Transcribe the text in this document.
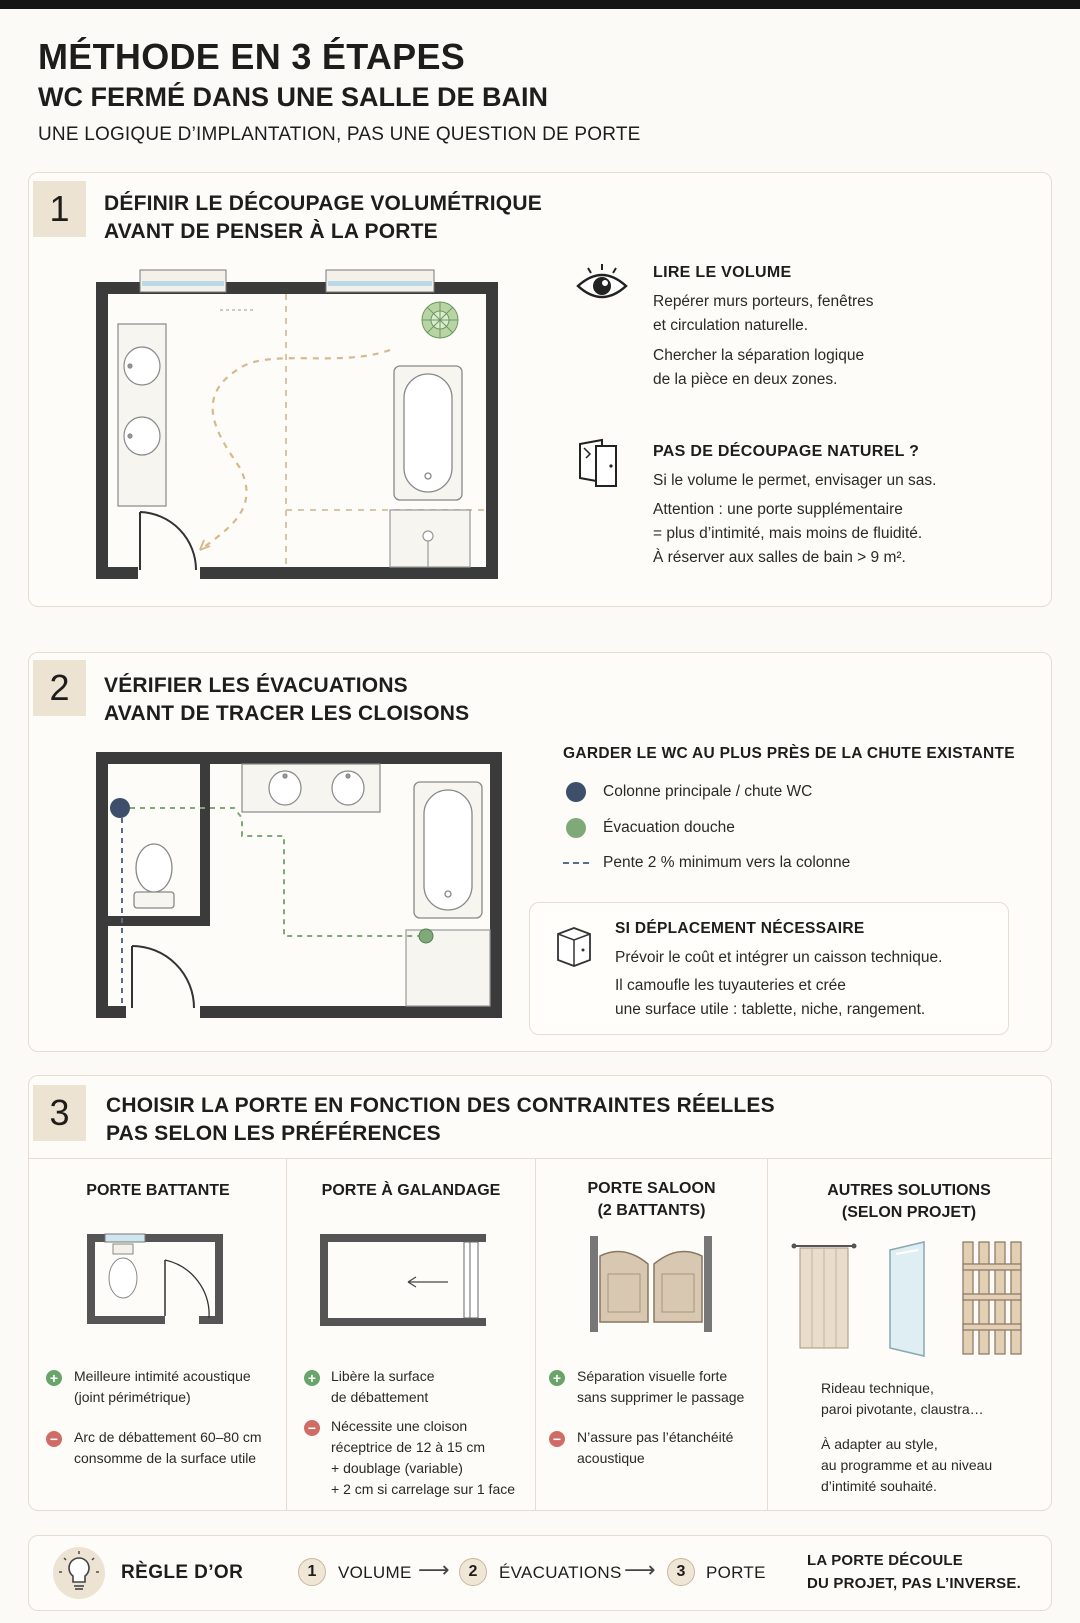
MÉTHODE EN 3 ÉTAPES
WC FERMÉ DANS UNE SALLE DE BAIN
UNE LOGIQUE D’IMPLANTATION, PAS UNE QUESTION DE PORTE
1	DÉFINIR LE DÉCOUPAGE VOLUMÉTRIQUE
AVANT DE PENSER À LA PORTE
LIRE LE VOLUME
Repérer murs porteurs, fenêtres
et circulation naturelle.
Chercher la séparation logique
de la pièce en deux zones.
PAS DE DÉCOUPAGE NATUREL ?
Si le volume le permet, envisager un sas.
Attention : une porte supplémentaire
= plus d’intimité, mais moins de fluidité.
À réserver aux salles de bain > 9 m².
2	VÉRIFIER LES ÉVACUATIONS
AVANT DE TRACER LES CLOISONS
GARDER LE WC AU PLUS PRÈS DE LA CHUTE EXISTANTE
Colonne principale / chute WC
Évacuation douche
Pente 2 % minimum vers la colonne
SI DÉPLACEMENT NÉCESSAIRE
Prévoir le coût et intégrer un caisson technique.
Il camoufle les tuyauteries et crée
une surface utile : tablette, niche, rangement.
3	CHOISIR LA PORTE EN FONCTION DES CONTRAINTES RÉELLES
PAS SELON LES PRÉFÉRENCES
PORTE BATTANTE
+ Meilleure intimité acoustique
(joint périmétrique)
− Arc de débattement 60–80 cm
consomme de la surface utile
PORTE À GALANDAGE
+ Libère la surface
de débattement
− Nécessite une cloison
réceptrice de 12 à 15 cm
+ doublage (variable)
+ 2 cm si carrelage sur 1 face
PORTE SALOON
(2 BATTANTS)
+ Séparation visuelle forte
sans supprimer le passage
− N’assure pas l’étanchéité
acoustique
AUTRES SOLUTIONS
(SELON PROJET)
Rideau technique,
paroi pivotante, claustra…
À adapter au style,
au programme et au niveau
d’intimité souhaité.
RÈGLE D’OR	1	VOLUME ⟶	2	ÉVACUATIONS ⟶	3	PORTE
LA PORTE DÉCOULE
DU PROJET, PAS L’INVERSE.
